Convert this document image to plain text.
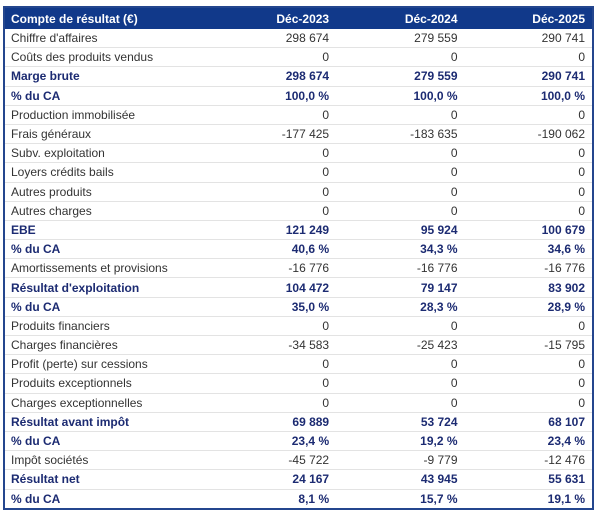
Compte de résultat (€)	Déc-2023	Déc-2024	Déc-2025
Chiffre d'affaires	298 674	279 559	290 741
Coûts des produits vendus	0	0	0
Marge brute	298 674	279 559	290 741
% du CA	100,0 %	100,0 %	100,0 %
Production immobilisée	0	0	0
Frais généraux	-177 425	-183 635	-190 062
Subv. exploitation	0	0	0
Loyers crédits bails	0	0	0
Autres produits	0	0	0
Autres charges	0	0	0
EBE	121 249	95 924	100 679
% du CA	40,6 %	34,3 %	34,6 %
Amortissements et provisions	-16 776	-16 776	-16 776
Résultat d'exploitation	104 472	79 147	83 902
% du CA	35,0 %	28,3 %	28,9 %
Produits financiers	0	0	0
Charges financières	-34 583	-25 423	-15 795
Profit (perte) sur cessions	0	0	0
Produits exceptionnels	0	0	0
Charges exceptionnelles	0	0	0
Résultat avant impôt	69 889	53 724	68 107
% du CA	23,4 %	19,2 %	23,4 %
Impôt sociétés	-45 722	-9 779	-12 476
Résultat net	24 167	43 945	55 631
% du CA	8,1 %	15,7 %	19,1 %
